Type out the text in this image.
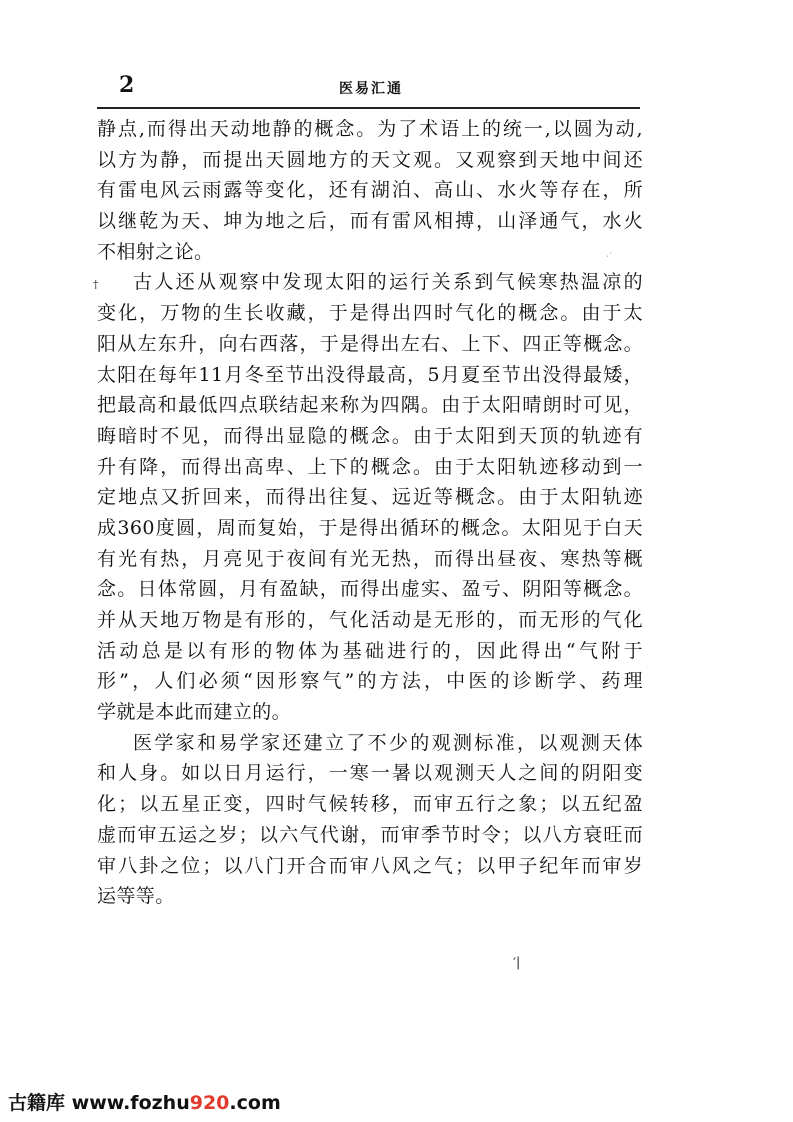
2	医易汇通
†
⋅˙
静点,而得出天动地静的概念。为了术语上的统一,以圆为动,
以方为静，而提出天圆地方的天文观。又观察到天地中间还
有雷电风云雨露等变化，还有湖泊、高山、水火等存在，所
以继乾为天、坤为地之后，而有雷风相搏，山泽通气，水火
不相射之论。
古人还从观察中发现太阳的运行关系到气候寒热温凉的
变化，万物的生长收藏，于是得出四时气化的概念。由于太
阳从左东升，向右西落，于是得出左右、上下、四正等概念。
太阳在每年11月冬至节出没得最高，5月夏至节出没得最矮，
把最高和最低四点联结起来称为四隅。由于太阳晴朗时可见，
晦暗时不见，而得出显隐的概念。由于太阳到天顶的轨迹有
升有降，而得出高卑、上下的概念。由于太阳轨迹移动到一
定地点又折回来，而得出往复、远近等概念。由于太阳轨迹
成360度圆，周而复始，于是得出循环的概念。太阳见于白天
有光有热，月亮见于夜间有光无热，而得出昼夜、寒热等概
念。日体常圆，月有盈缺，而得出虚实、盈亏、阴阳等概念。
并从天地万物是有形的，气化活动是无形的，而无形的气化
活动总是以有形的物体为基础进行的，因此得出“气附于
形”，人们必须“因形察气”的方法，中医的诊断学、药理
学就是本此而建立的。
医学家和易学家还建立了不少的观测标准，以观测天体
和人身。如以日月运行，一寒一暑以观测天人之间的阴阳变
化；以五星正变，四时气候转移，而审五行之象；以五纪盈
虚而审五运之岁；以六气代谢，而审季节时令；以八方衰旺而
审八卦之位；以八门开合而审八风之气；以甲子纪年而审岁
运等等。
′∣
古籍库 www.fozhu920.com
